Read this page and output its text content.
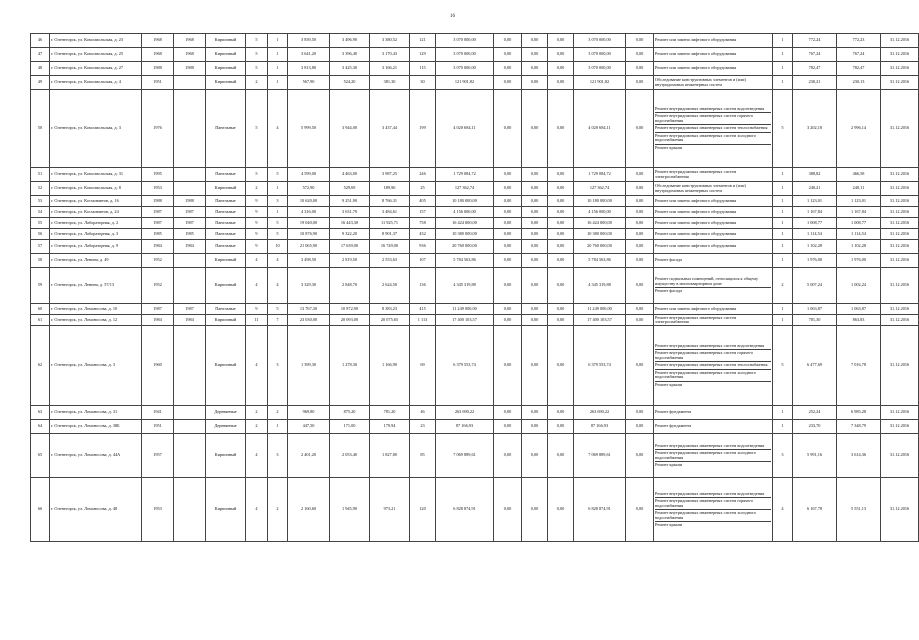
16
46	г. Оленегорск, ул. Комсомольская, д. 23	1968	1968	Кирпичный	5	1	3 839,50	3 496,90	3 380,52	121	3 070 000,00	0,00	0,00	0,00	3 070 000,00	0,00	Ремонт или замена лифтового оборудования	1	772,24	772,23	31.12.2016
47	г. Оленегорск, ул. Комсомольская, д. 25	1968	1968	Кирпичный	5	1	3 641,20	3 396,40	3 170,43	129	3 070 000,00	0,00	0,00	0,00	3 070 000,00	0,00	Ремонт или замена лифтового оборудования	1	767,24	767,24	31.12.2016
48	г. Оленегорск, ул. Комсомольская, д. 27	1988	1988	Кирпичный	5	1	3 813,80	3 425,30	3 166,21	115	3 070 000,00	0,00	0,00	0,00	3 070 000,00	0,00	Ремонт или замена лифтового оборудования	1	782,47	782,47	31.12.2016
49	г. Оленегорск, ул. Комсомольская, д. 4	1951		Кирпичный	2	1	567,90	524,20	381,30	30	121 901,82	0,00	0,00	0,00	121 901,82	0,00	Обследование конструктивных элементов и (или) внутридомовых инженерных систем	1	230,21	230,13	31.12.2016
50	г. Оленегорск, ул. Комсомольская, д. 3	1976		Панельные	5	4	5 999,50	3 944,00	3 437,44	199	4 020 684,11	0,00	0,00	0,00	4 020 684,11	0,00	Ремонт внутридомовых инженерных систем водоотведения
Ремонт внутридомовых инженерных систем горячего водоснабжения
Ремонт внутридомовых инженерных систем теплоснабжения
Ремонт внутридомовых инженерных систем холодного водоснабжения
Ремонт крыши	5	3 202,18	2 996,14	31.12.2016
51	г. Оленегорск, ул. Комсомольская, д. 31	1995		Панельные	5	5	4 599,00	4 463,00	3 987,25	246	1 729 084,72	0,00	0,00	0,00	1 729 084,72	0,00	Ремонт внутридомовых инженерных систем электроснабжения	1	388,82	466,58	31.12.2016
52	г. Оленегорск, ул. Комсомольская, д. 8	1953		Кирпичный	2	1	572,90	529,69	189,96	25	127 362,74	0,00	0,00	0,00	127 362,74	0,00	Обследование конструктивных элементов и (или) внутридомовых инженерных систем	1	240,21	240,11	31.12.2016
53	г. Оленегорск, ул. Космонавтов, д. 16	1988	1988	Панельные	9	3	10 620,00	9 251,90	8 766,31	405	10 180 000,00	0,00	0,00	0,00	10 180 000,00	0,00	Ремонт или замена лифтового оборудования	1	1 123,01	1 123,01	31.12.2016
54	г. Оленегорск, ул. Космонавтов, д. 24	1987	1987	Панельные	9	1	4 316,00	3 631,70	3 484,61	157	4 156 000,00	0,00	0,00	0,00	4 156 000,00	0,00	Ремонт или замена лифтового оборудования	1	1 167,84	1 167,84	31.12.2016
55	г. Оленегорск, ул. Лабораторная, д. 2	1987	1987	Панельные	9	5	19 040,00	16 443,30	11 925,71	758	16 424 000,00	0,00	0,00	0,00	16 424 000,00	0,00	Ремонт или замена лифтового оборудования	1	1 008,77	1 008,77	31.12.2016
56	г. Оленегорск, ул. Лабораторная, д. 3	1985	1985	Панельные	9	5	10 876,90	9 322,20	8 901,37	432	10 380 000,00	0,00	0,00	0,00	10 380 000,00	0,00	Ремонт или замена лифтового оборудования	1	1 114,54	1 114,54	31.12.2016
57	г. Оленегорск, ул. Лабораторная, д. 9	1984	1984	Панельные	9	10	21 065,90	17 639,00	16 749,00	936	20 760 000,00	0,00	0,00	0,00	20 760 000,00	0,00	Ремонт или замена лифтового оборудования	1	1 102,28	1 102,28	31.12.2016
58	г. Оленегорск, ул. Ленина, д. 49	1952		Кирпичный	4	4	3 498,50	2 819,50	2 553,63	107	5 784 563,86	0,00	0,00	0,00	5 784 563,86	0,00	Ремонт фасада	1	1 976,00	1 976,00	31.12.2016
59	г. Оленегорск, ул. Ленина, д. 57/13	1952		Кирпичный	4	4	3 329,30	2 848,70	2 624,50	136	4 345 319,88	0,00	0,00	0,00	4 345 319,88	0,00	Ремонт подвальных помещений, относящихся к общему имуществу в многоквартирном доме
Ремонт фасада	2	5 007,24	1 002,24	31.12.2016
60	г. Оленегорск, ул. Ломоносова, д. 10	1987	1987	Панельные	9	5	13 767,30	10 872,90	8 383,23	415	11 249 000,00	0,00	0,00	0,00	11 249 000,00	0,00	Ремонт или замена лифтового оборудования	1	1 063,87	1 063,87	31.12.2016
61	г. Оленегорск, ул. Ломоносова, д. 12	1984	1984	Кирпичный	11	7	23 030,00	20 093,00	20 075,65	1 113	17 400 103,57	0,00	0,00	0,00	17 400 103,57	0,00	Ремонт внутридомовых инженерных систем электроснабжения	1	781,30	863,83	31.12.2016
62	г. Оленегорск, ул. Ломоносова, д. 3	1960		Кирпичный	4	3	1 399,30	1 278,30	1 166,90	69	6 379 553,74	0,00	0,00	0,00	6 379 553,74	0,00	Ремонт внутридомовых инженерных систем водоотведения
Ремонт внутридомовых инженерных систем горячего водоснабжения
Ремонт внутридомовых инженерных систем теплоснабжения
Ремонт внутридомовых инженерных систем холодного водоснабжения
Ремонт крыши	5	6 477,69	7 016,78	31.12.2016
63	г. Оленегорск, ул. Ломоносова, д. 31	1941		Деревянные	2	2	969,80	875,20	781,20	46	263 690,22	0,00	0,00	0,00	263 690,22	0,00	Ремонт фундамента	1	252,24	6 985,28	31.12.2016
64	г. Оленегорск, ул. Ломоносова, д. 38Б	1951		Деревянные	2	1	447,50	171,00	179,94	23	87 166,93	0,00	0,00	0,00	87 166,93	0,00	Ремонт фундамента	1	233,70	7 348,79	31.12.2016
65	г. Оленегорск, ул. Ломоносова, д. 44А	1957		Кирпичный	4	3	2 401,20	2 053,40	1 827,80	85	7 069 889,61	0,00	0,00	0,00	7 069 889,61	0,00	Ремонт внутридомовых инженерных систем водоотведения
Ремонт внутридомовых инженерных систем холодного водоснабжения
Ремонт крыши	3	5 991,16	3 614,36	31.12.2016
66	г. Оленегорск, ул. Ломоносова, д. 48	1953		Кирпичный	4	2	2 160,60	1 945,90	973,21	120	6 828 874,91	0,00	0,00	0,00	6 828 874,91	0,00	Ремонт внутридомовых инженерных систем водоотведения
Ремонт внутридомовых инженерных систем горячего водоснабжения
Ремонт внутридомовых инженерных систем холодного водоснабжения
Ремонт крыши	4	6 167,78	5 551,13	31.12.2016
